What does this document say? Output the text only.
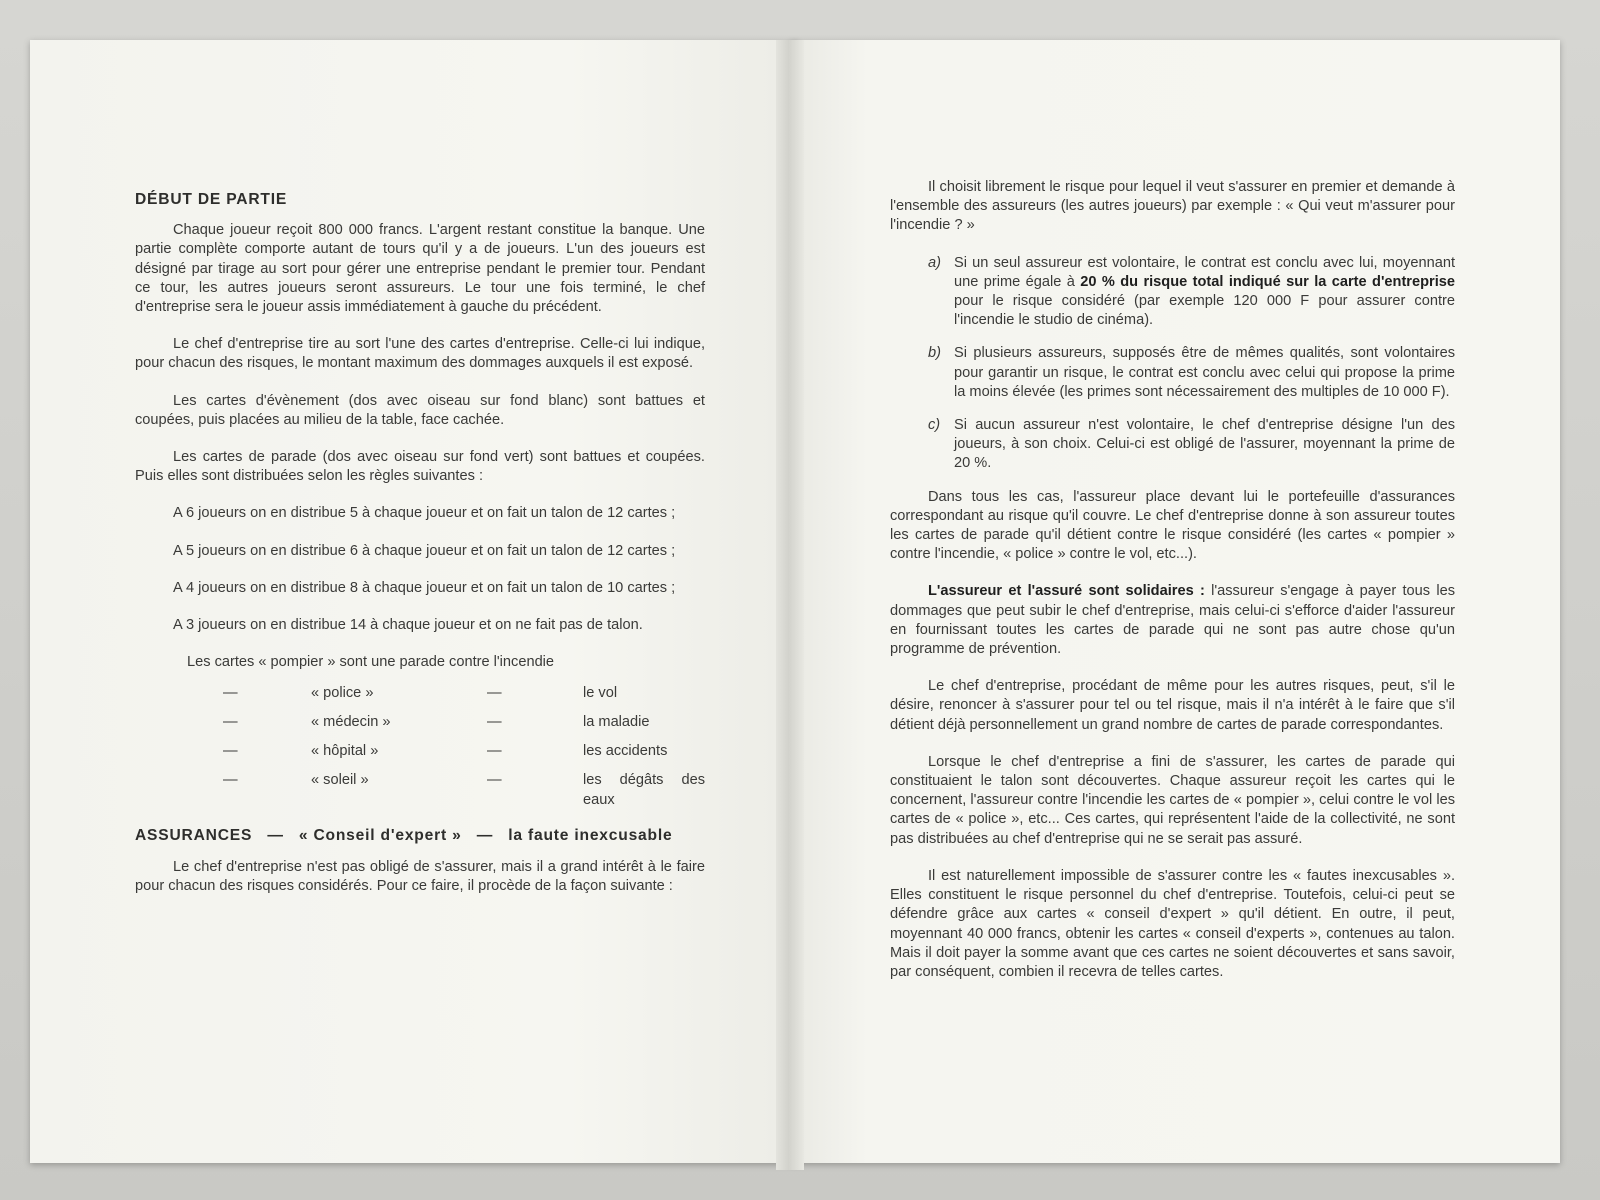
DÉBUT DE PARTIE

Chaque joueur reçoit 800 000 francs. L'argent restant constitue la banque. Une partie complète comporte autant de tours qu'il y a de joueurs. L'un des joueurs est désigné par tirage au sort pour gérer une entreprise pendant le premier tour. Pendant ce tour, les autres joueurs seront assureurs. Le tour une fois terminé, le chef d'entreprise sera le joueur assis immédiatement à gauche du précédent.

Le chef d'entreprise tire au sort l'une des cartes d'entreprise. Celle-ci lui indique, pour chacun des risques, le montant maximum des dommages auxquels il est exposé.

Les cartes d'évènement (dos avec oiseau sur fond blanc) sont battues et coupées, puis placées au milieu de la table, face cachée.

Les cartes de parade (dos avec oiseau sur fond vert) sont battues et coupées. Puis elles sont distribuées selon les règles suivantes :

A 6 joueurs on en distribue 5 à chaque joueur et on fait un talon de 12 cartes ;

A 5 joueurs on en distribue 6 à chaque joueur et on fait un talon de 12 cartes ;

A 4 joueurs on en distribue 8 à chaque joueur et on fait un talon de 10 cartes ;

A 3 joueurs on en distribue 14 à chaque joueur et on ne fait pas de talon.

Les cartes « pompier » sont une parade contre l'incendie
—	« police »	—	le vol
—	« médecin »	—	la maladie
—	« hôpital »	—	les accidents
—	« soleil »	—	les dégâts des eaux
ASSURANCES — « Conseil d'expert » — la faute inexcusable

Le chef d'entreprise n'est pas obligé de s'assurer, mais il a grand intérêt à le faire pour chacun des risques considérés. Pour ce faire, il procède de la façon suivante :

Il choisit librement le risque pour lequel il veut s'assurer en premier et demande à l'ensemble des assureurs (les autres joueurs) par exemple : « Qui veut m'assurer pour l'incendie ? »

a) Si un seul assureur est volontaire, le contrat est conclu avec lui, moyennant une prime égale à 20 % du risque total indiqué sur la carte d'entreprise pour le risque considéré (par exemple 120 000 F pour assurer contre l'incendie le studio de cinéma).
b) Si plusieurs assureurs, supposés être de mêmes qualités, sont volontaires pour garantir un risque, le contrat est conclu avec celui qui propose la prime la moins élevée (les primes sont nécessairement des multiples de 10 000 F).
c) Si aucun assureur n'est volontaire, le chef d'entreprise désigne l'un des joueurs, à son choix. Celui-ci est obligé de l'assurer, moyennant la prime de 20 %.

Dans tous les cas, l'assureur place devant lui le portefeuille d'assurances correspondant au risque qu'il couvre. Le chef d'entreprise donne à son assureur toutes les cartes de parade qu'il détient contre le risque considéré (les cartes « pompier » contre l'incendie, « police » contre le vol, etc...).

L'assureur et l'assuré sont solidaires : l'assureur s'engage à payer tous les dommages que peut subir le chef d'entreprise, mais celui-ci s'efforce d'aider l'assureur en fournissant toutes les cartes de parade qui ne sont pas autre chose qu'un programme de prévention.

Le chef d'entreprise, procédant de même pour les autres risques, peut, s'il le désire, renoncer à s'assurer pour tel ou tel risque, mais il n'a intérêt à le faire que s'il détient déjà personnellement un grand nombre de cartes de parade correspondantes.

Lorsque le chef d'entreprise a fini de s'assurer, les cartes de parade qui constituaient le talon sont découvertes. Chaque assureur reçoit les cartes qui le concernent, l'assureur contre l'incendie les cartes de « pompier », celui contre le vol les cartes de « police », etc... Ces cartes, qui représentent l'aide de la collectivité, ne sont pas distribuées au chef d'entreprise qui ne se serait pas assuré.

Il est naturellement impossible de s'assurer contre les « fautes inexcusables ». Elles constituent le risque personnel du chef d'entreprise. Toutefois, celui-ci peut se défendre grâce aux cartes « conseil d'expert » qu'il détient. En outre, il peut, moyennant 40 000 francs, obtenir les cartes « conseil d'experts », contenues au talon. Mais il doit payer la somme avant que ces cartes ne soient découvertes et sans savoir, par conséquent, combien il recevra de telles cartes.
